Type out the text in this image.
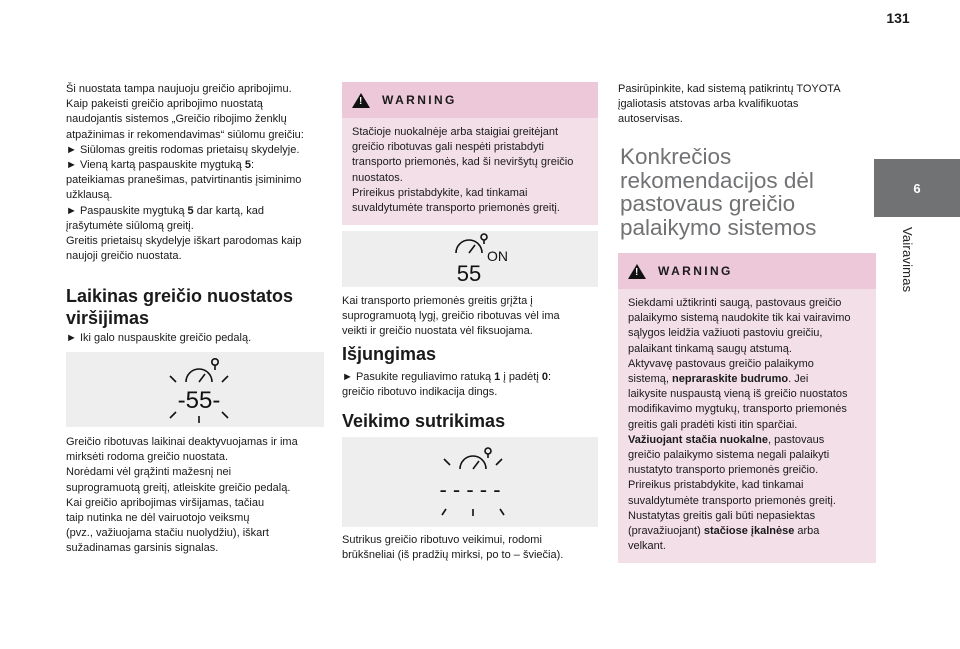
131
6
Vairavimas

Ši nuostata tampa naujuoju greičio apribojimu.

Kaip pakeisti greičio apribojimo nuostatą

naudojantis sistemos „Greičio ribojimo ženklų

atpažinimas ir rekomendavimas“ siūlomu greičiu:

► Siūlomas greitis rodomas prietaisų skydelyje.

► Vieną kartą paspauskite mygtuką 5:

pateikiamas pranešimas, patvirtinantis įsiminimo

užklausą.

► Paspauskite mygtuką 5 dar kartą, kad

įrašytumėte siūlomą greitį.

Greitis prietaisų skydelyje iškart parodomas kaip

naujoji greičio nuostata.

Laikinas greičio nuostatos

viršijimas

► Iki galo nuspauskite greičio pedalą.

-55-

Greičio ribotuvas laikinai deaktyvuojamas ir ima

mirksėti rodoma greičio nuostata.

Norėdami vėl grąžinti mažesnį nei

suprogramuotą greitį, atleiskite greičio pedalą.

Kai greičio apribojimas viršijamas, tačiau

taip nutinka ne dėl vairuotojo veiksmų

(pvz., važiuojama stačiu nuolydžiu), iškart

sužadinamas garsinis signalas.

! WARNING

Stačioje nuokalnėje arba staigiai greitėjant

greičio ribotuvas gali nespėti pristabdyti

transporto priemonės, kad ši neviršytų greičio

nuostatos.

Prireikus pristabdykite, kad tinkamai

suvaldytumėte transporto priemonės greitį.

55
ON

Kai transporto priemonės greitis grįžta į

suprogramuotą lygį, greičio ribotuvas vėl ima

veikti ir greičio nuostata vėl fiksuojama.

Išjungimas

► Pasukite reguliavimo ratuką 1 į padėtį 0:

greičio ribotuvo indikacija dings.

Veikimo sutrikimas

- - - - -

Sutrikus greičio ribotuvo veikimui, rodomi

brūkšneliai (iš pradžių mirksi, po to – šviečia).

Pasirūpinkite, kad sistemą patikrintų TOYOTA

įgaliotasis atstovas arba kvalifikuotas

autoservisas.

Konkrečios

rekomendacijos dėl

pastovaus greičio

palaikymo sistemos

! WARNING

Siekdami užtikrinti saugą, pastovaus greičio

palaikymo sistemą naudokite tik kai vairavimo

sąlygos leidžia važiuoti pastoviu greičiu,

palaikant tinkamą saugų atstumą.

Aktyvavę pastovaus greičio palaikymo

sistemą, nepraraskite budrumo. Jei

laikysite nuspaustą vieną iš greičio nuostatos

modifikavimo mygtukų, transporto priemonės

greitis gali pradėti kisti itin sparčiai.

Važiuojant stačia nuokalne, pastovaus

greičio palaikymo sistema negali palaikyti

nustatyto transporto priemonės greičio.

Prireikus pristabdykite, kad tinkamai

suvaldytumėte transporto priemonės greitį.

Nustatytas greitis gali būti nepasiektas

(pravažiuojant) stačiose įkalnėse arba

velkant.
